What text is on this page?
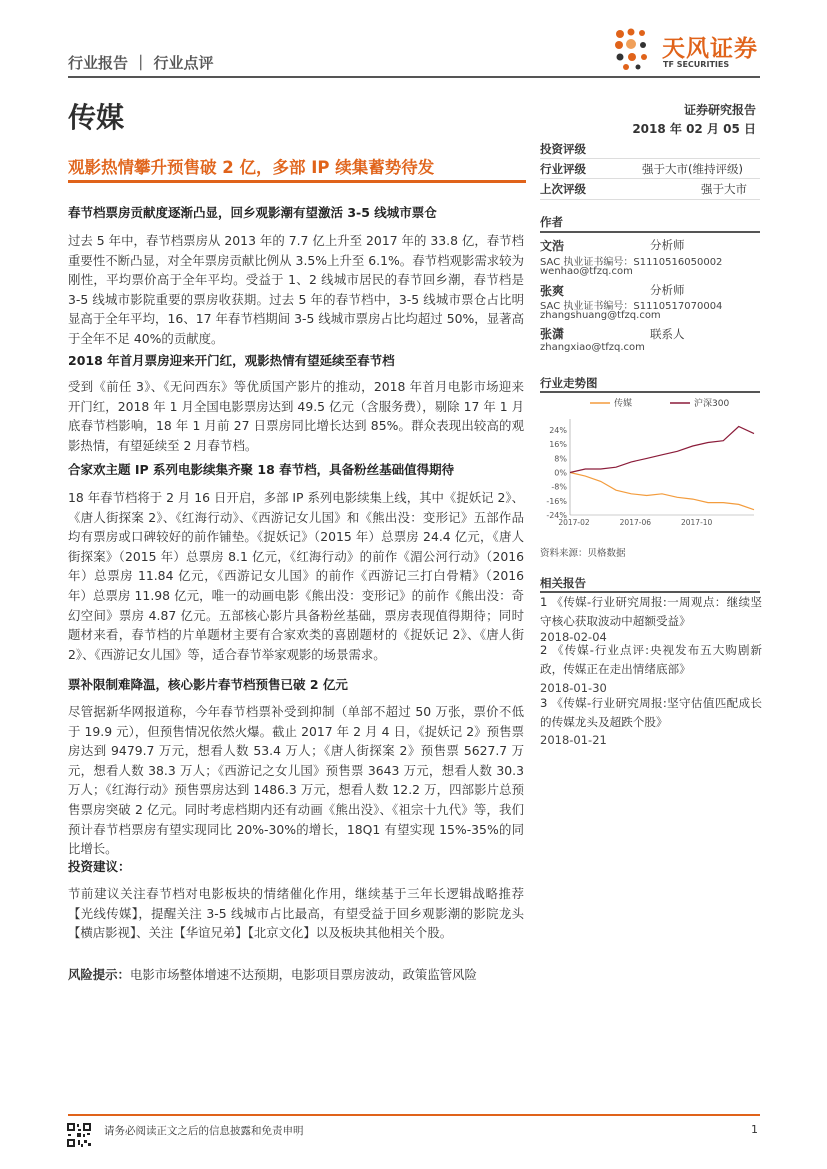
天风证券
TF SECURITIES
行业报告 ｜ 行业点评
传媒	证券研究报告
2018 年 02 月 05 日
观影热情攀升预售破 2 亿，多部 IP 续集蓄势待发
春节档票房贡献度逐渐凸显，回乡观影潮有望激活 3-5 线城市票仓

过去 5 年中，春节档票房从 2013 年的 7.7 亿上升至 2017 年的 33.8 亿，春节档重要性不断凸显，对全年票房贡献比例从 3.5%上升至 6.1%。春节档观影需求较为刚性，平均票价高于全年平均。受益于 1、2 线城市居民的春节回乡潮，春节档是 3-5 线城市影院重要的票房收获期。过去 5 年的春节档中，3-5 线城市票仓占比明显高于全年平均，16、17 年春节档期间 3-5 线城市票房占比均超过 50%，显著高于全年不足 40%的贡献度。

2018 年首月票房迎来开门红，观影热情有望延续至春节档

受到《前任 3》、《无问西东》等优质国产影片的推动，2018 年首月电影市场迎来开门红，2018 年 1 月全国电影票房达到 49.5 亿元（含服务费），剔除 17 年 1 月底春节档影响，18 年 1 月前 27 日票房同比增长达到 85%。群众表现出较高的观影热情，有望延续至 2 月春节档。

合家欢主题 IP 系列电影续集齐聚 18 春节档，具备粉丝基础值得期待

18 年春节档将于 2 月 16 日开启，多部 IP 系列电影续集上线，其中《捉妖记 2》、《唐人街探案 2》、《红海行动》、《西游记女儿国》和《熊出没：变形记》五部作品均有票房或口碑较好的前作铺垫。《捉妖记》（2015 年）总票房 24.4 亿元，《唐人街探案》（2015 年）总票房 8.1 亿元，《红海行动》的前作《湄公河行动》（2016 年）总票房 11.84 亿元，《西游记女儿国》的前作《西游记三打白骨精》（2016 年）总票房 11.98 亿元，唯一的动画电影《熊出没：变形记》的前作《熊出没：奇幻空间》票房 4.87 亿元。五部核心影片具备粉丝基础，票房表现值得期待；同时题材来看，春节档的片单题材主要有合家欢类的喜剧题材的《捉妖记 2》、《唐人街 2》、《西游记女儿国》等，适合春节举家观影的场景需求。

票补限制难降温，核心影片春节档预售已破 2 亿元

尽管据新华网报道称，今年春节档票补受到抑制（单部不超过 50 万张，票价不低于 19.9 元），但预售情况依然火爆。截止 2017 年 2 月 4 日，《捉妖记 2》预售票房达到 9479.7 万元，想看人数 53.4 万人；《唐人街探案 2》预售票 5627.7 万元，想看人数 38.3 万人；《西游记之女儿国》预售票 3643 万元，想看人数 30.3 万人；《红海行动》预售票房达到 1486.3 万元，想看人数 12.2 万，四部影片总预售票房突破 2 亿元。同时考虑档期内还有动画《熊出没》、《祖宗十九代》等，我们预计春节档票房有望实现同比 20%-30%的增长，18Q1 有望实现 15%-35%的同比增长。

投资建议：

节前建议关注春节档对电影板块的情绪催化作用，继续基于三年长逻辑战略推荐【光线传媒】，提醒关注 3-5 线城市占比最高，有望受益于回乡观影潮的影院龙头【横店影视】、关注【华谊兄弟】【北京文化】以及板块其他相关个股。

风险提示：电影市场整体增速不达预期，电影项目票房波动，政策监管风险
投资评级
行业评级	强于大市(维持评级)
上次评级	强于大市
作者
文浩	分析师
SAC 执业证书编号：S1110516050002
wenhao@tfzq.com
张爽	分析师
SAC 执业证书编号：S1110517070004
zhangshuang@tfzq.com
张潇	联系人
zhangxiao@tfzq.com
行业走势图
传媒	沪深300
24%
16%
8%
0%
-8%
-16%
-24%
2017-02	2017-06	2017-10
资料来源：贝格数据
相关报告

1 《传媒-行业研究周报:一周观点：继续坚守核心获取波动中超额受益》

2018-02-04

2 《传媒-行业点评:央视发布五大购剧新政，传媒正在走出情绪底部》

2018-01-30

3 《传媒-行业研究周报:坚守估值匹配成长的传媒龙头及超跌个股》

2018-01-21
请务必阅读正文之后的信息披露和免责申明	1
